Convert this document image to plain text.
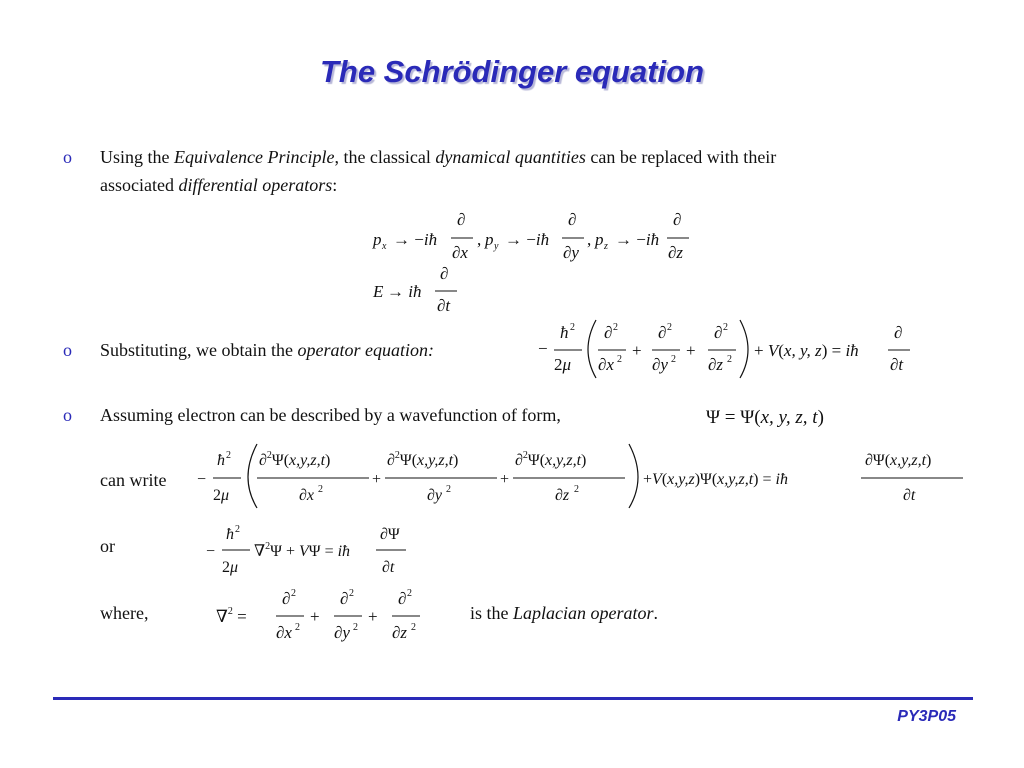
The Schrödinger equation
o Using the Equivalence Principle, the classical dynamical quantities can be replaced with their
associated differential operators:
p x → −iħ
∂
∂x
, p y → −iħ
∂
∂y
, p z → −iħ
∂
∂z
E → iħ
∂
∂t
o Substituting, we obtain the operator equation:	−
ħ 2
2μ
∂ 2
∂x 2 +
∂ 2
∂y 2 +
∂ 2
∂z 2 + V(x, y, z) = iħ
∂
∂t
o Assuming electron can be described by a wavefunction of form,	Ψ = Ψ(x, y, z, t)
can write −
ħ 2
2μ
∂$^2$Ψ(x,y,z,t)
∂x 2
+
∂$^2$Ψ(x,y,z,t)
∂y 2
+
∂$^2$Ψ(x,y,z,t)
∂z 2
+V(x,y,z)Ψ(x,y,z,t) = iħ
∂Ψ(x,y,z,t)
∂t
or	−
ħ 2
2μ
∇$^2$Ψ + VΨ = iħ
∂Ψ
∂t
where,	∇$^2$ =
∂ 2
∂x 2
+
∂ 2
∂y 2
+
∂ 2
∂z 2
is the Laplacian operator.
PY3P05
